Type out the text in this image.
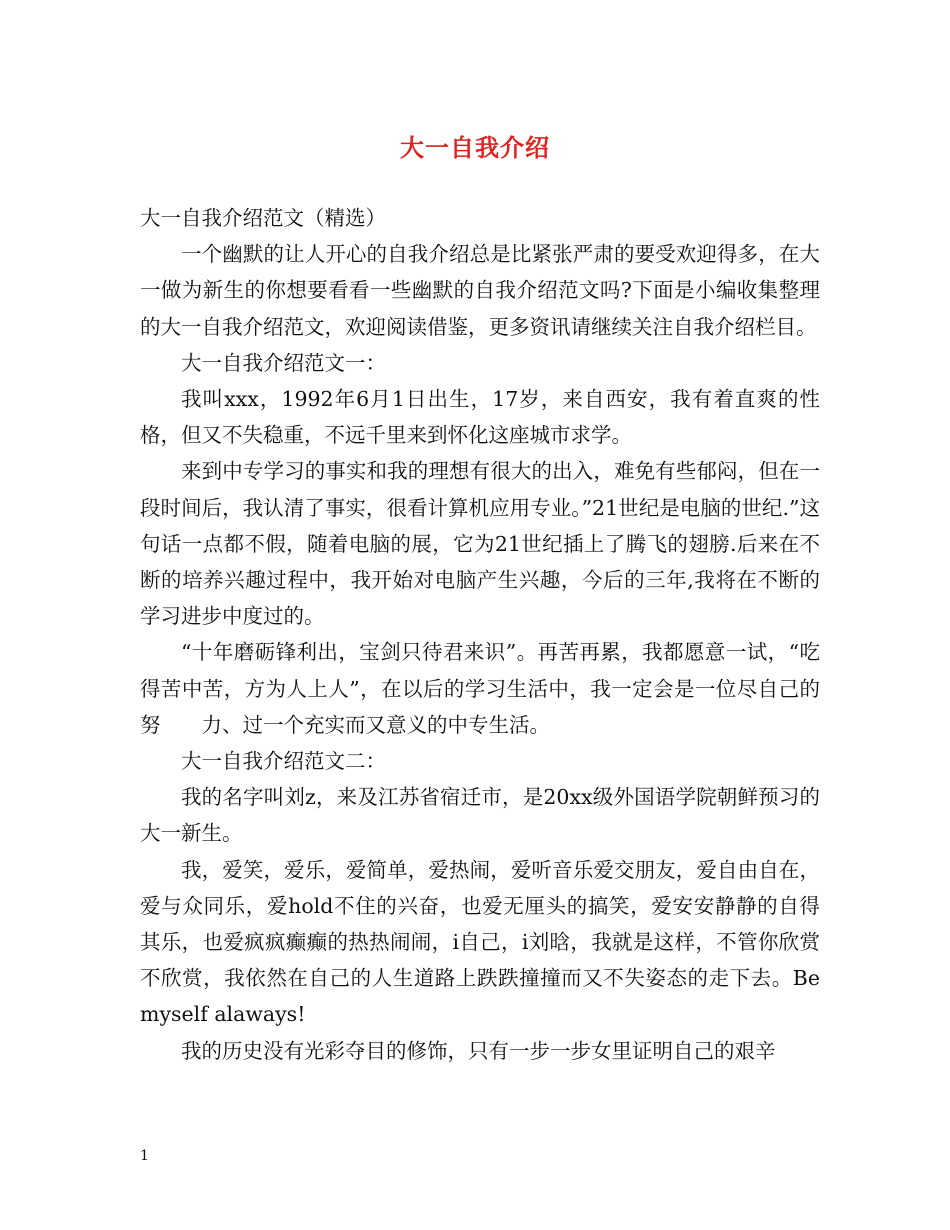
大一自我介绍

大一自我介绍范文（精选）

一个幽默的让人开心的自我介绍总是比紧张严肃的要受欢迎得多，在大一做为新生的你想要看看一些幽默的自我介绍范文吗?下面是小编收集整理的大一自我介绍范文，欢迎阅读借鉴，更多资讯请继续关注自我介绍栏目。

大一自我介绍范文一：

我叫xxx，1992年6月1日出生，17岁，来自西安，我有着直爽的性格，但又不失稳重，不远千里来到怀化这座城市求学。

来到中专学习的事实和我的理想有很大的出入，难免有些郁闷，但在一段时间后，我认清了事实，很看计算机应用专业。”21世纪是电脑的世纪.”这句话一点都不假，随着电脑的展，它为21世纪插上了腾飞的翅膀.后来在不断的培养兴趣过程中，我开始对电脑产生兴趣，今后的三年,我将在不断的学习进步中度过的。

“十年磨砺锋利出，宝剑只待君来识”。再苦再累，我都愿意一试，“吃得苦中苦，方为人上人”，在以后的学习生活中，我一定会是一位尽自己的努　　力、过一个充实而又意义的中专生活。

大一自我介绍范文二：

我的名字叫刘z，来及江苏省宿迁市，是20xx级外国语学院朝鲜预习的大一新生。

我，爱笑，爱乐，爱简单，爱热闹，爱听音乐爱交朋友，爱自由自在，爱与众同乐，爱hold不住的兴奋，也爱无厘头的搞笑，爱安安静静的自得其乐，也爱疯疯癫癫的热热闹闹，i自己，i刘晗，我就是这样，不管你欣赏不欣赏，我依然在自己的人生道路上跌跌撞撞而又不失姿态的走下去。Be myself alaways!

我的历史没有光彩夺目的修饰，只有一步一步女里证明自己的艰辛

1
